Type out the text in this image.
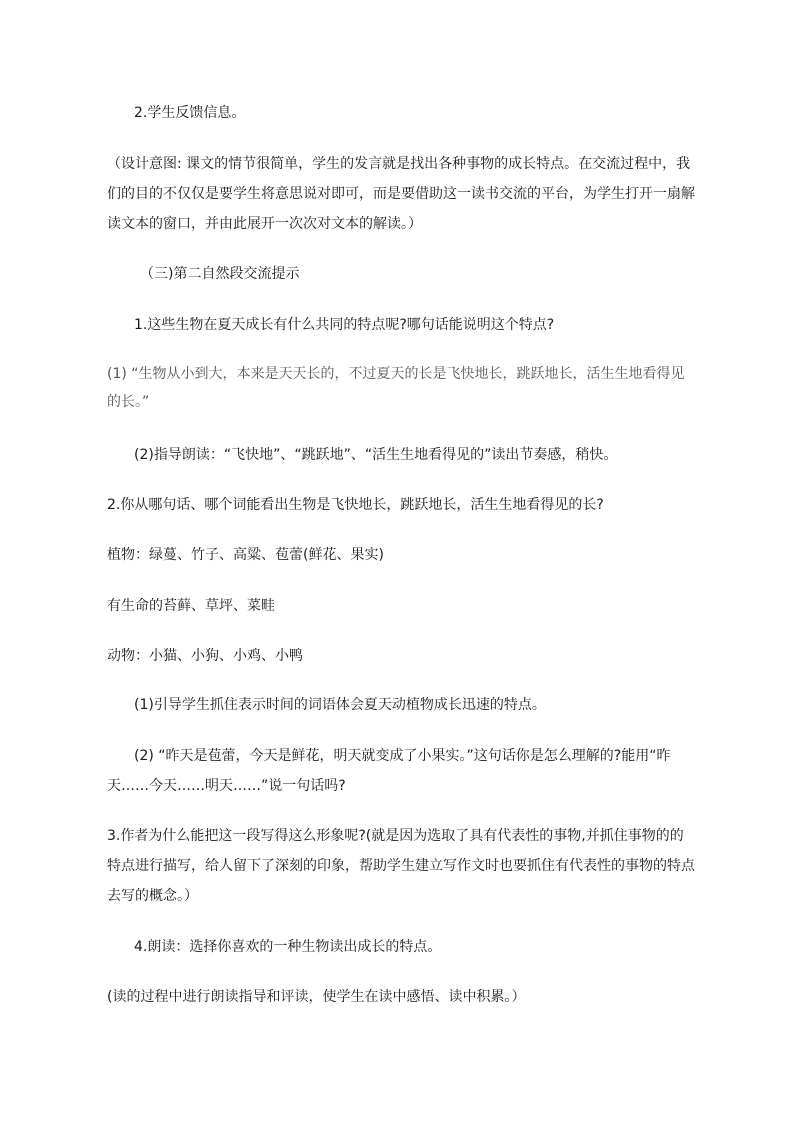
2.学生反馈信息。
（设计意图: 课文的情节很简单，学生的发言就是找出各种事物的成长特点。在交流过程中，我
们的目的不仅仅是要学生将意思说对即可，而是要借助这一读书交流的平台，为学生打开一扇解
读文本的窗口，并由此展开一次次对文本的解读。）
（三)第二自然段交流提示
1.这些生物在夏天成长有什么共同的特点呢?哪句话能说明这个特点?
(1) “生物从小到大，本来是天天长的，不过夏天的长是飞快地长，跳跃地长，活生生地看得见
的长。”
(2)指导朗读：“飞快地”、“跳跃地”、“活生生地看得见的”读出节奏感，稍快。
2.你从哪句话、哪个词能看出生物是飞快地长，跳跃地长，活生生地看得见的长?
植物：绿蔓、竹子、高粱、苞蕾(鲜花、果实)
有生命的苔藓、草坪、菜畦
动物：小猫、小狗、小鸡、小鸭
(1)引导学生抓住表示时间的词语体会夏天动植物成长迅速的特点。
(2) “昨天是苞蕾，今天是鲜花，明天就变成了小果实。”这句话你是怎么理解的?能用“昨
天……今天……明天……”说一句话吗?
3.作者为什么能把这一段写得这么形象呢?(就是因为选取了具有代表性的事物,并抓住事物的的
特点进行描写，给人留下了深刻的印象，帮助学生建立写作文时也要抓住有代表性的事物的特点
去写的概念。）
4.朗读：选择你喜欢的一种生物读出成长的特点。
(读的过程中进行朗读指导和评读，使学生在读中感悟、读中积累。）
